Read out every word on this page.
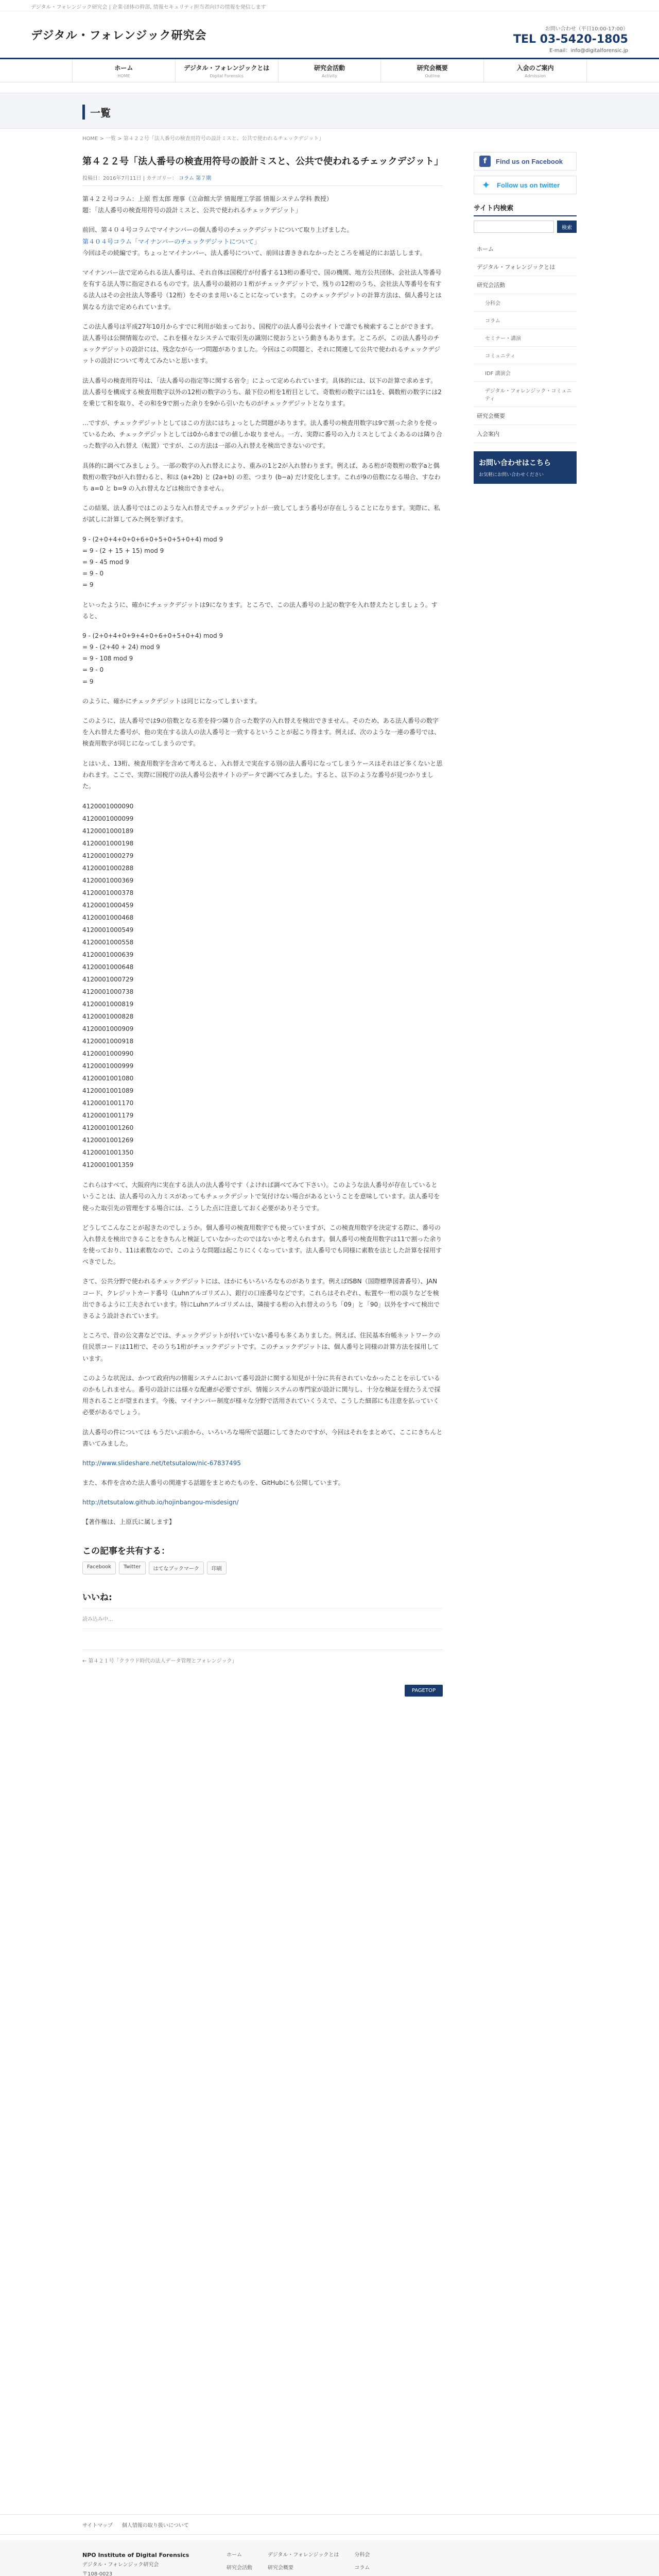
デジタル・フォレンジック研究会 | 企業·団体の幹部, 情報セキュリティ担当者向けの情報を発信します
デジタル・フォレンジック研究会
お問い合わせ（平日10:00-17:00）
TEL 03-5420-1805
E-mail：info@digitalforensic.jp
ホーム
HOME
デジタル・フォレンジックとは
Digital Forensics
研究会活動
Activity
研究会概要
Outline
入会のご案内
Admission
一覧
HOME > 一覧 > 第４２２号「法人番号の検査用符号の設計ミスと、公共で使われるチェックデジット」
第４２２号「法人番号の検査用符号の設計ミスと、公共で使われるチェックデジット」
投稿日：2016年7月11日 | カテゴリー： コラム 第７期
第４２２号コラム：上原 哲太郎 理事（立命館大学 情報理工学部 情報システム学科 教授）
題：「法人番号の検査用符号の設計ミスと、公共で使われるチェックデジット」
前回、第４０４号コラムでマイナンバーの個人番号のチェックデジットについて取り上げました。
第４０４号コラム「マイナンバーのチェックデジットについて」
今回はその続編です。ちょっとマイナンバー、法人番号について、前回は書ききれなかったところを補足的にお話しします。
マイナンバー法で定められる法人番号は、それ自体は国税庁が付番する13桁の番号で、国の機関、地方公共団体、会社法人等番号を有する法人等に指定されるものです。法人番号の最初の１桁がチェックデジットで、残りの12桁のうち、会社法人等番号を有する法人はその会社法人等番号（12桁）をそのまま用いることになっています。このチェックデジットの計算方法は、個人番号とは異なる方法で定められています。
この法人番号は平成27年10月からすでに利用が始まっており、国税庁の法人番号公表サイトで誰でも検索することができます。法人番号は公開情報なので、これを様々なシステムで取引先の識別に使おうという動きもあります。ところが、この法人番号のチェックデジットの設計には、残念ながら一つ問題がありました。今回はこの問題と、それに関連して公共で使われるチェックデジットの設計について考えてみたいと思います。
法人番号の検査用符号は、「法人番号の指定等に関する省令」によって定められています。具体的には、以下の計算で求めます。法人番号を構成する検査用数字以外の12桁の数字のうち、最下位の桁を1桁目として、奇数桁の数字には1を、偶数桁の数字には2を乗じて和を取り、その和を9で割った余りを9から引いたものがチェックデジットとなります。
…ですが、チェックデジットとしてはこの方法にはちょっとした問題があります。法人番号の検査用数字は9で割った余りを使っているため、チェックデジットとしては0から8までの値しか取りません。一方、実際に番号の入力ミスとしてよくあるのは隣り合った数字の入れ替え（転置）ですが、この方法は一部の入れ替えを検出できないのです。
具体的に調べてみましょう。一部の数字の入れ替えにより、重みの1と2が入れ替わります。例えば、ある桁が奇数桁の数字aと偶数桁の数字bが入れ替わると、和は (a+2b) と (2a+b) の差、つまり (b−a) だけ変化します。これが9の倍数になる場合、すなわち a=0 と b=9 の入れ替えなどは検出できません。
この結果、法人番号ではこのような入れ替えでチェックデジットが一致してしまう番号が存在しうることになります。実際に、私が試しに計算してみた例を挙げます。
9 - (2+0+4+0+0+6+0+5+0+5+0+4) mod 9
= 9 - (2 + 15 + 15) mod 9
= 9 - 45 mod 9
= 9 - 0
= 9
といったように、確かにチェックデジットは9になります。ところで、この法人番号の上記の数字を入れ替えたとしましょう。すると、
9 - (2+0+4+0+9+4+0+6+0+5+0+4) mod 9
= 9 - (2+40 + 24) mod 9
= 9 - 108 mod 9
= 9 - 0
= 9
のように、確かにチェックデジットは同じになってしまいます。
このように、法人番号では9の倍数となる差を持つ隣り合った数字の入れ替えを検出できません。そのため、ある法人番号の数字を入れ替えた番号が、他の実在する法人の法人番号と一致するということが起こり得ます。例えば、次のような一連の番号では、検査用数字が同じになってしまうのです。
とはいえ、13桁、検査用数字を含めて考えると、入れ替えで実在する別の法人番号になってしまうケースはそれほど多くないと思われます。ここで、実際に国税庁の法人番号公表サイトのデータで調べてみました。すると、以下のような番号が見つかりました。
4120001000090
4120001000099
4120001000189
4120001000198
4120001000279
4120001000288
4120001000369
4120001000378
4120001000459
4120001000468
4120001000549
4120001000558
4120001000639
4120001000648
4120001000729
4120001000738
4120001000819
4120001000828
4120001000909
4120001000918
4120001000990
4120001000999
4120001001080
4120001001089
4120001001170
4120001001179
4120001001260
4120001001269
4120001001350
4120001001359
これらはすべて、大阪府内に実在する法人の法人番号です（よければ調べてみて下さい）。このような法人番号が存在しているということは、法人番号の入力ミスがあってもチェックデジットで気付けない場合があるということを意味しています。法人番号を使った取引先の管理をする場合には、こうした点に注意しておく必要がありそうです。
どうしてこんなことが起きたのでしょうか。個人番号の検査用数字でも使っていますが、この検査用数字を決定する際に、番号の入れ替えを検出できることをきちんと検証していなかったのではないかと考えられます。個人番号の検査用数字は11で割った余りを使っており、11は素数なので、このような問題は起こりにくくなっています。法人番号でも同様に素数を法とした計算を採用すべきでした。
さて、公共分野で使われるチェックデジットには、ほかにもいろいろなものがあります。例えばISBN（国際標準図書番号）、JANコード、クレジットカード番号（Luhnアルゴリズム）、銀行の口座番号などです。これらはそれぞれ、転置や一桁の誤りなどを検出できるように工夫されています。特にLuhnアルゴリズムは、隣接する桁の入れ替えのうち「09」と「90」以外をすべて検出できるよう設計されています。
ところで、昔の公文書などでは、チェックデジットが付いていない番号も多くありました。例えば、住民基本台帳ネットワークの住民票コードは11桁で、そのうち1桁がチェックデジットです。このチェックデジットは、個人番号と同様の計算方法を採用しています。
このような状況は、かつて政府内の情報システムにおいて番号設計に関する知見が十分に共有されていなかったことを示しているのかもしれません。番号の設計には様々な配慮が必要ですが、情報システムの専門家が設計に関与し、十分な検証を経たうえで採用されることが望まれます。今後、マイナンバー制度が様々な分野で活用されていくうえで、こうした細部にも注意を払っていく必要があるでしょう。
法人番号の件については もうだいぶ前から、いろいろな場所で話題にしてきたのですが、今回はそれをまとめて、ここにきちんと書いてみました。
http://www.slideshare.net/tetsutalow/nic-67837495
また、本件を含めた法人番号の関連する話題をまとめたものを、GitHubにも公開しています。
http://tetsutalow.github.io/hojinbangou-misdesign/
【著作権は、上原氏に属します】
この記事を共有する：
Facebook	Twitter	はてなブックマーク	印刷
いいね:
読み込み中...
← 第４２１号「クラウド時代の法人データ管理とフォレンジック」
PAGETOP
f	Find us on Facebook
✦ Follow us on twitter
サイト内検索
検索
ホーム
デジタル・フォレンジックとは
研究会活動
分科会
コラム
セミナー・講演
コミュニティ
IDF 講演会
デジタル・フォレンジック・コミュニティ
研究会概要
入会案内
お問い合わせはこちら
お気軽にお問い合わせください
サイトマップ 個人情報の取り扱いについて
NPO Institute of Digital Forensics
デジタル・フォレンジック研究会
〒108-0023
ホーム
研究会活動
デジタル・フォレンジックとは
研究会概要
分科会
コラム
